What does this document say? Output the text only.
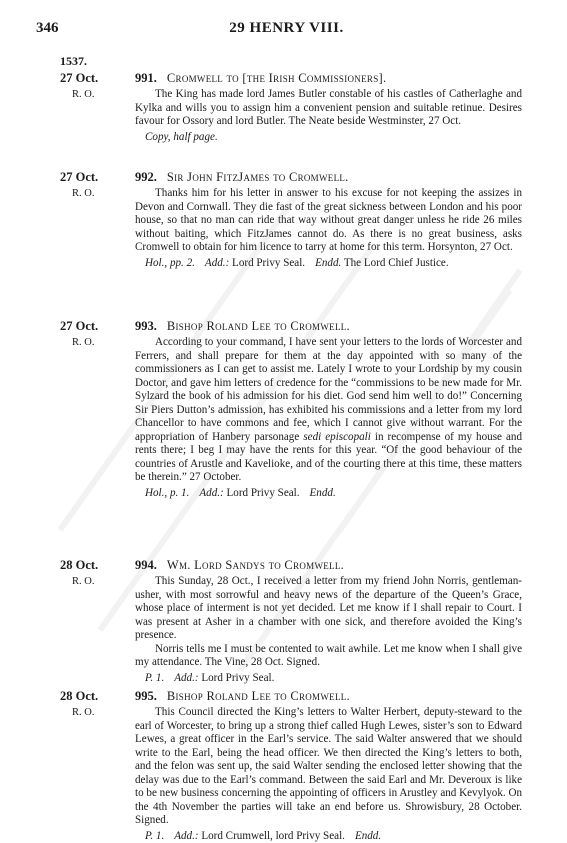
346	29 HENRY VIII.
1537.
27 Oct.
R. O.
991. Cromwell to [the Irish Commissioners].

The King has made lord James Butler constable of his castles of Catherlaghe and Kylka and wills you to assign him a convenient pension and suitable retinue. Desires favour for Ossory and lord Butler. The Neate beside Westminster, 27 Oct.

Copy, half page.
27 Oct.
R. O.
992. Sir John FitzJames to Cromwell.

Thanks him for his letter in answer to his excuse for not keeping the assizes in Devon and Cornwall. They die fast of the great sickness between London and his poor house, so that no man can ride that way without great danger unless he ride 26 miles without baiting, which FitzJames cannot do. As there is no great business, asks Cromwell to obtain for him licence to tarry at home for this term. Horsynton, 27 Oct.

Hol., pp. 2. Add.: Lord Privy Seal. Endd. The Lord Chief Justice.
27 Oct.
R. O.
993. Bishop Roland Lee to Cromwell.

According to your command, I have sent your letters to the lords of Worcester and Ferrers, and shall prepare for them at the day appointed with so many of the commissioners as I can get to assist me. Lately I wrote to your Lordship by my cousin Doctor, and gave him letters of credence for the “commissions to be new made for Mr. Sylzard the book of his admission for his diet. God send him well to do!” Concerning Sir Piers Dutton’s admission, has exhibited his commissions and a letter from my lord Chancellor to have commons and fee, which I cannot give without warrant. For the appropriation of Hanbery parsonage sedi episcopali in recompense of my house and rents there; I beg I may have the rents for this year. “Of the good behaviour of the countries of Arustle and Kavelioke, and of the courting there at this time, these matters be therein.” 27 October.

Hol., p. 1. Add.: Lord Privy Seal. Endd.
28 Oct.
R. O.
994. Wm. Lord Sandys to Cromwell.

This Sunday, 28 Oct., I received a letter from my friend John Norris, gentleman-usher, with most sorrowful and heavy news of the departure of the Queen’s Grace, whose place of interment is not yet decided. Let me know if I shall repair to Court. I was present at Asher in a chamber with one sick, and therefore avoided the King’s presence.

Norris tells me I must be contented to wait awhile. Let me know when I shall give my attendance. The Vine, 28 Oct. Signed.

P. 1. Add.: Lord Privy Seal.
28 Oct.
R. O.
995. Bishop Roland Lee to Cromwell.

This Council directed the King’s letters to Walter Herbert, deputy-steward to the earl of Worcester, to bring up a strong thief called Hugh Lewes, sister’s son to Edward Lewes, a great officer in the Earl’s service. The said Walter answered that we should write to the Earl, being the head officer. We then directed the King’s letters to both, and the felon was sent up, the said Walter sending the enclosed letter showing that the delay was due to the Earl’s command. Between the said Earl and Mr. Deveroux is like to be new business concerning the appointing of officers in Arustley and Kevylyok. On the 4th November the parties will take an end before us. Shrowisbury, 28 October. Signed.

P. 1. Add.: Lord Crumwell, lord Privy Seal. Endd.
